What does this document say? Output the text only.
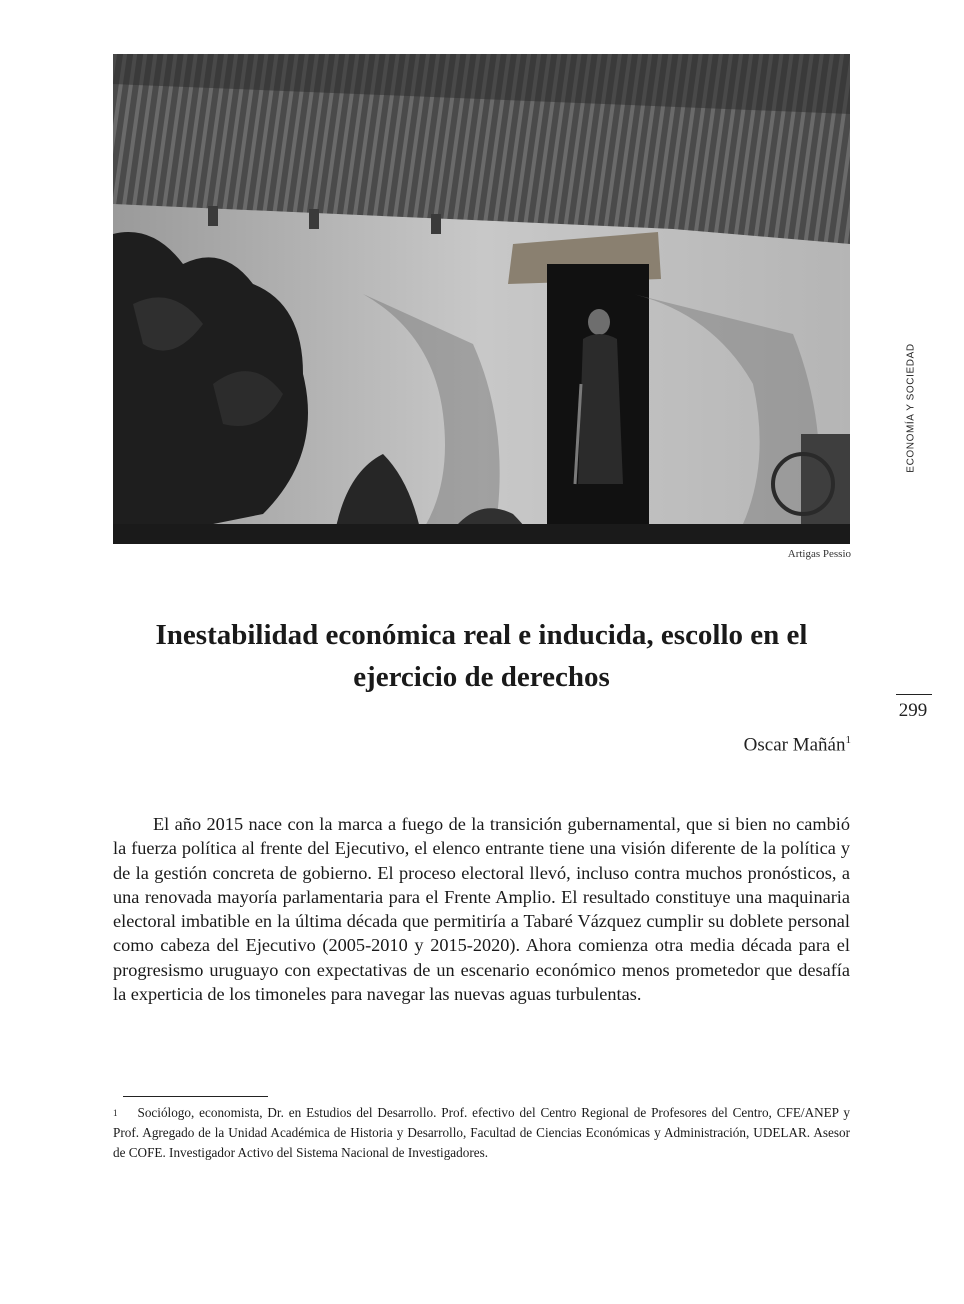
Artigas Pessio
ECONOMÍA Y SOCIEDAD
299
Inestabilidad económica real e inducida, escollo en el ejercicio de derechos
Oscar Mañán$^1$

El año 2015 nace con la marca a fuego de la transición gubernamental, que si bien no cambió la fuerza política al frente del Ejecutivo, el elenco entrante tiene una visión diferente de la política y de la gestión concreta de gobierno. El proceso electoral llevó, incluso contra muchos pronósticos, a una renovada mayoría parlamentaria para el Frente Amplio. El resultado constituye una maquinaria electoral imbatible en la última década que permitiría a Tabaré Vázquez cumplir su doblete personal como cabeza del Ejecutivo (2005-2010 y 2015-2020). Ahora comienza otra media década para el progresismo uruguayo con expectativas de un escenario económico menos prometedor que desafía la experticia de los timoneles para navegar las nuevas aguas turbulentas.

$^1$ Sociólogo, economista, Dr. en Estudios del Desarrollo. Prof. efectivo del Centro Regional de Profesores del Centro, CFE/ANEP y Prof. Agregado de la Unidad Académica de Historia y Desarrollo, Facultad de Ciencias Económicas y Administración, UDELAR. Asesor de COFE. Investigador Activo del Sistema Nacional de Investigadores.
